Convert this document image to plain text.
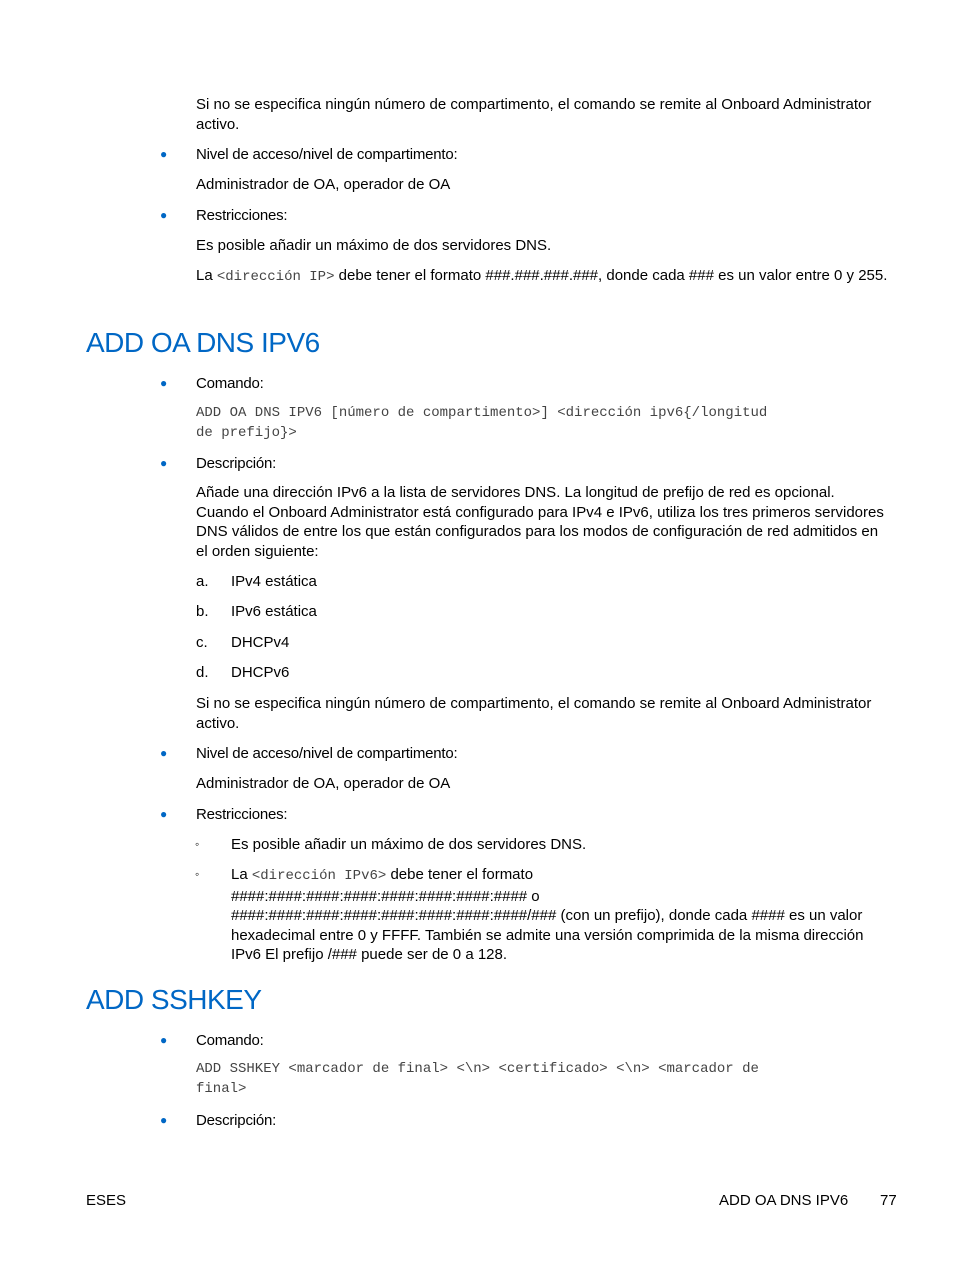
Si no se especifica ningún número de compartimento, el comando se remite al Onboard Administrator activo.

● Nivel de acceso/nivel de compartimento:

Administrador de OA, operador de OA

● Restricciones:

Es posible añadir un máximo de dos servidores DNS.

La <dirección IP> debe tener el formato ###.###.###.###, donde cada ### es un valor entre 0 y 255.

ADD OA DNS IPV6
● Comando:

ADD OA DNS IPV6 [número de compartimento>] <dirección ipv6{/longitud
de prefijo}>
● Descripción:

Añade una dirección IPv6 a la lista de servidores DNS. La longitud de prefijo de red es opcional. Cuando el Onboard Administrator está configurado para IPv4 e IPv6, utiliza los tres primeros servidores DNS válidos de entre los que están configurados para los modos de configuración de red admitidos en el orden siguiente:

a. IPv4 estática

b. IPv6 estática

c. DHCPv4

d. DHCPv6

Si no se especifica ningún número de compartimento, el comando se remite al Onboard Administrator activo.

● Nivel de acceso/nivel de compartimento:

Administrador de OA, operador de OA

● Restricciones:

◦	Es posible añadir un máximo de dos servidores DNS.

◦	La <dirección IPv6> debe tener el formato
####:####:####:####:####:####:####:#### o
####:####:####:####:####:####:####:####/### (con un prefijo), donde cada #### es un valor hexadecimal entre 0 y FFFF. También se admite una versión comprimida de la misma dirección IPv6 El prefijo /### puede ser de 0 a 128.
ADD SSHKEY
● Comando:

ADD SSHKEY <marcador de final> <\n> <certificado> <\n> <marcador de
final>
● Descripción:

ESES	ADD OA DNS IPV6 77
